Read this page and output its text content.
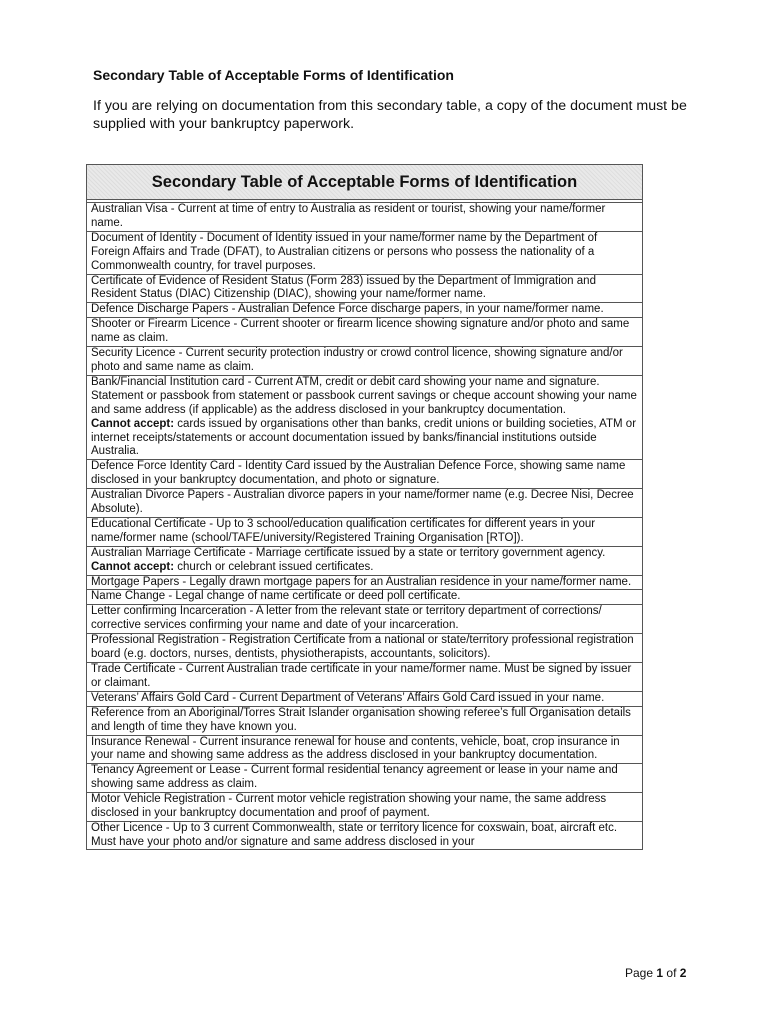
Secondary Table of Acceptable Forms of Identification

If you are relying on documentation from this secondary table, a copy of the document must be supplied with your bankruptcy paperwork.

Secondary Table of Acceptable Forms of Identification

Australian Visa - Current at time of entry to Australia as resident or tourist, showing your name/former name.
Document of Identity - Document of Identity issued in your name/former name by the Department of Foreign Affairs and Trade (DFAT), to Australian citizens or persons who possess the nationality of a Commonwealth country, for travel purposes.
Certificate of Evidence of Resident Status (Form 283) issued by the Department of Immigration and Resident Status (DIAC) Citizenship (DIAC), showing your name/former name.
Defence Discharge Papers - Australian Defence Force discharge papers, in your name/former name.
Shooter or Firearm Licence - Current shooter or firearm licence showing signature and/or photo and same name as claim.
Security Licence - Current security protection industry or crowd control licence, showing signature and/or photo and same name as claim.
Bank/Financial Institution card - Current ATM, credit or debit card showing your name and signature. Statement or passbook from statement or passbook current savings or cheque account showing your name and same address (if applicable) as the address disclosed in your bankruptcy documentation.
Cannot accept: cards issued by organisations other than banks, credit unions or building societies, ATM or internet receipts/statements or account documentation issued by banks/financial institutions outside Australia.
Defence Force Identity Card - Identity Card issued by the Australian Defence Force, showing same name disclosed in your bankruptcy documentation, and photo or signature.
Australian Divorce Papers - Australian divorce papers in your name/former name (e.g. Decree Nisi, Decree Absolute).
Educational Certificate - Up to 3 school/education qualification certificates for different years in your name/former name (school/TAFE/university/Registered Training Organisation [RTO]).
Australian Marriage Certificate - Marriage certificate issued by a state or territory government agency.
Cannot accept: church or celebrant issued certificates.
Mortgage Papers - Legally drawn mortgage papers for an Australian residence in your name/former name.
Name Change - Legal change of name certificate or deed poll certificate.
Letter confirming Incarceration - A letter from the relevant state or territory department of corrections/ corrective services confirming your name and date of your incarceration.
Professional Registration - Registration Certificate from a national or state/territory professional registration board (e.g. doctors, nurses, dentists, physiotherapists, accountants, solicitors).
Trade Certificate - Current Australian trade certificate in your name/former name. Must be signed by issuer or claimant.
Veterans’ Affairs Gold Card - Current Department of Veterans’ Affairs Gold Card issued in your name.
Reference from an Aboriginal/Torres Strait Islander organisation showing referee’s full Organisation details and length of time they have known you.
Insurance Renewal - Current insurance renewal for house and contents, vehicle, boat, crop insurance in your name and showing same address as the address disclosed in your bankruptcy documentation.
Tenancy Agreement or Lease - Current formal residential tenancy agreement or lease in your name and showing same address as claim.
Motor Vehicle Registration - Current motor vehicle registration showing your name, the same address disclosed in your bankruptcy documentation and proof of payment.

Other Licence - Up to 3 current Commonwealth, state or territory licence for coxswain, boat, aircraft etc. Must have your photo and/or signature and same address disclosed in your
Page 1 of 2
